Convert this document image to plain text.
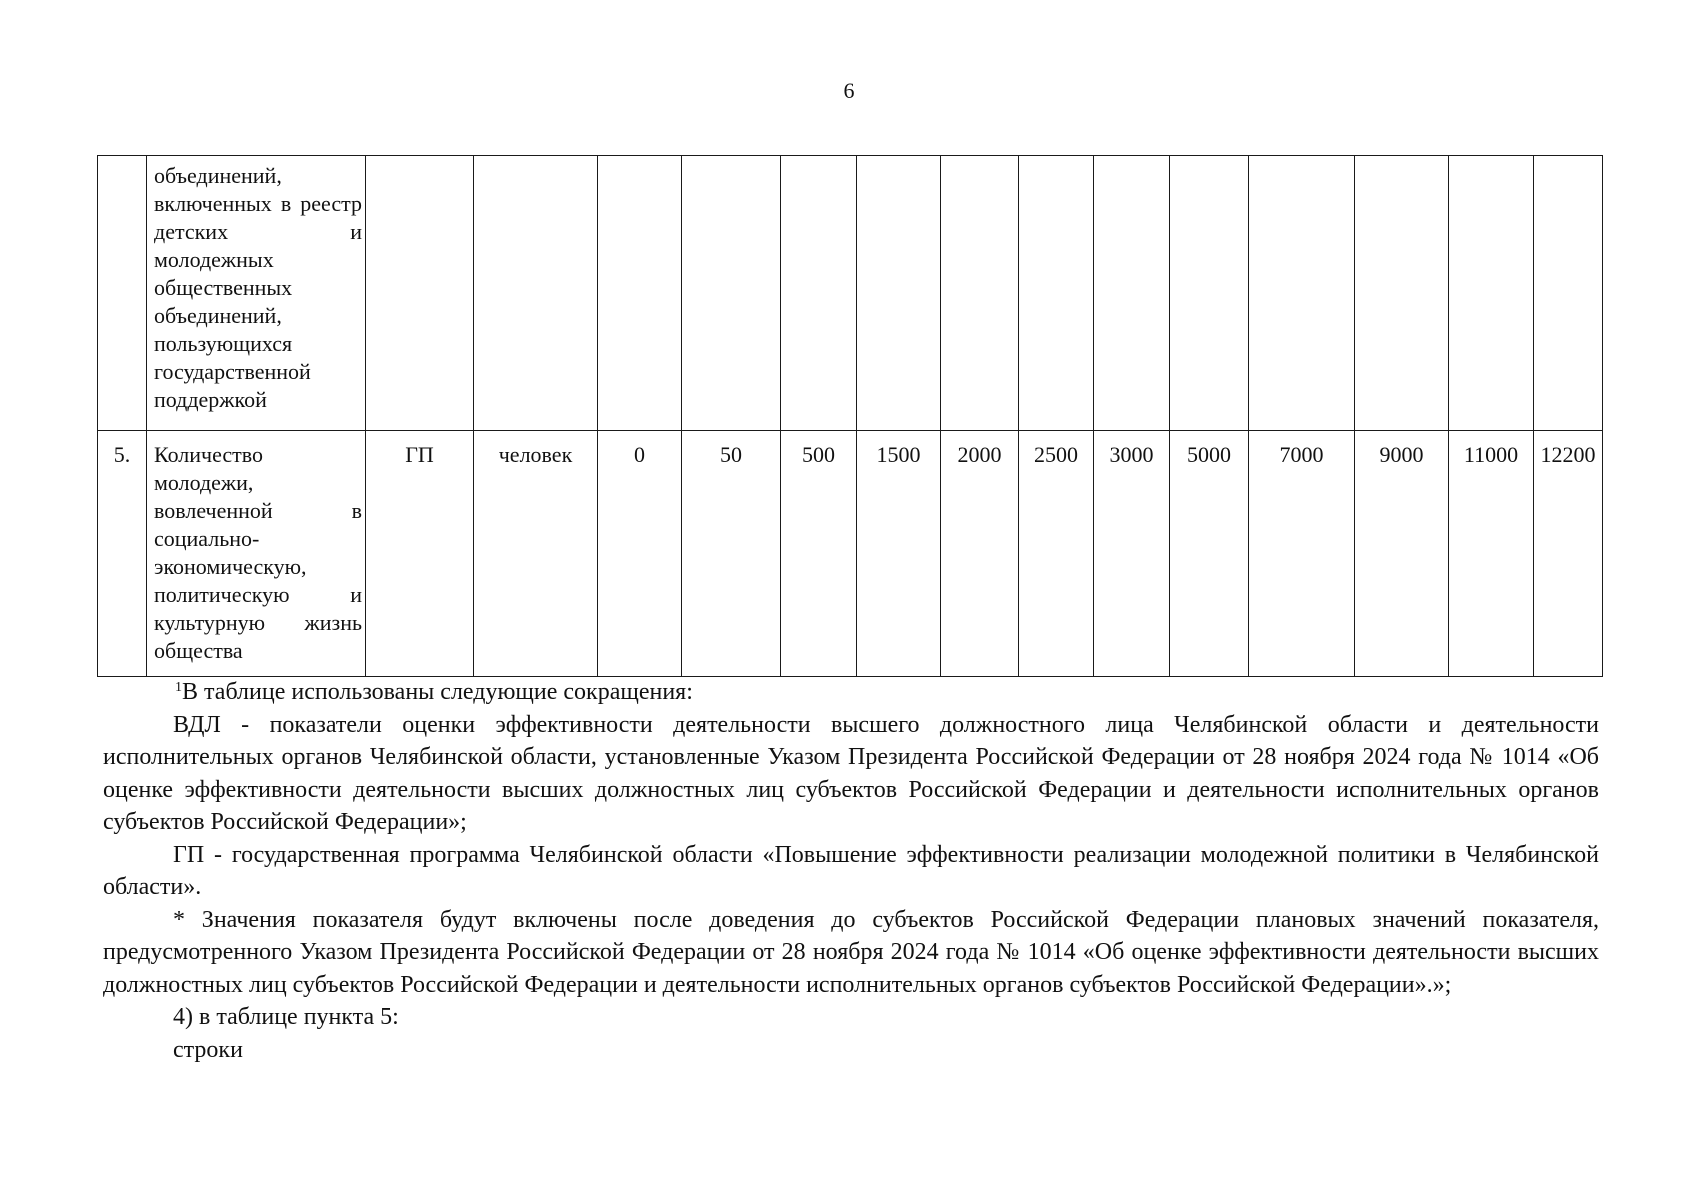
6
	объединений, включенных в реестр детских и молодежных общественных объединений, пользующихся государственной поддержкой														
5.	Количество молодежи, вовлеченной в социально-экономическую, политическую и культурную жизнь общества	ГП	человек	0	50	500	1500	2000	2500	3000	5000	7000	9000	11000	12200

$^1$В таблице использованы следующие сокращения:

ВДЛ - показатели оценки эффективности деятельности высшего должностного лица Челябинской области и деятельности исполнительных органов Челябинской области, установленные Указом Президента Российской Федерации от 28 ноября 2024 года № 1014 «Об оценке эффективности деятельности высших должностных лиц субъектов Российской Федерации и деятельности исполнительных органов субъектов Российской Федерации»;

ГП - государственная программа Челябинской области «Повышение эффективности реализации молодежной политики в Челябинской области».

* Значения показателя будут включены после доведения до субъектов Российской Федерации плановых значений показателя, предусмотренного Указом Президента Российской Федерации от 28 ноября 2024 года № 1014 «Об оценке эффективности деятельности высших должностных лиц субъектов Российской Федерации и деятельности исполнительных органов субъектов Российской Федерации».»;

4) в таблице пункта 5:

строки
